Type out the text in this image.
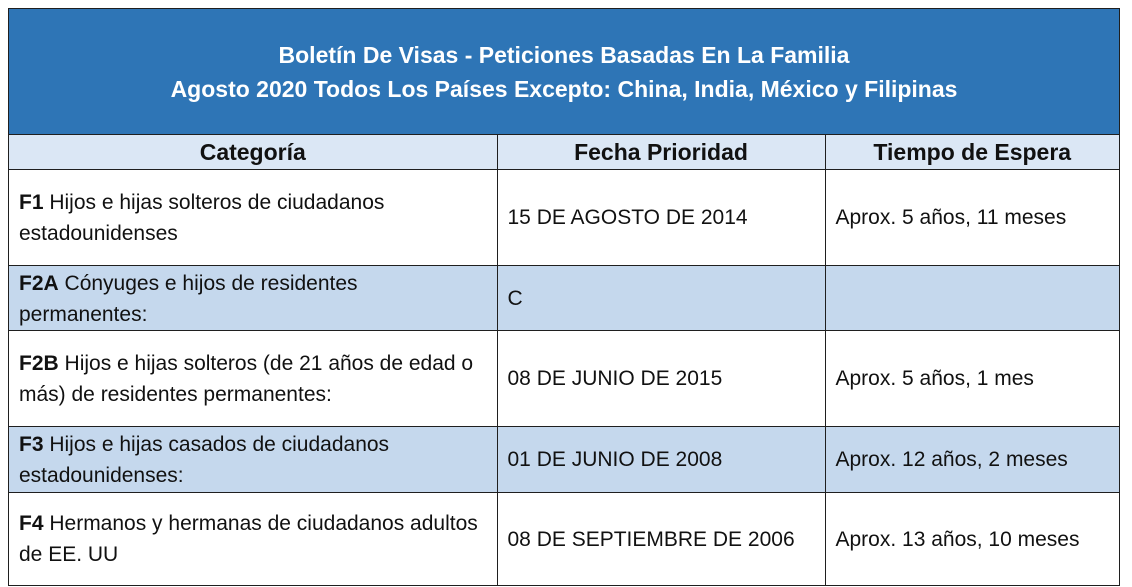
Boletín De Visas - Peticiones Basadas En La Familia
Agosto 2020 Todos Los Países Excepto: China, India, México y Filipinas
Categoría	Fecha Prioridad	Tiempo de Espera
F1 Hijos e hijas solteros de ciudadanos estadounidenses	15 DE AGOSTO DE 2014	Aprox. 5 años, 11 meses
F2A Cónyuges e hijos de residentes permanentes:	C	
F2B Hijos e hijas solteros (de 21 años de edad o más) de residentes permanentes:	08 DE JUNIO DE 2015	Aprox. 5 años, 1 mes
F3 Hijos e hijas casados de ciudadanos estadounidenses:	01 DE JUNIO DE 2008	Aprox. 12 años, 2 meses
F4 Hermanos y hermanas de ciudadanos adultos de EE. UU	08 DE SEPTIEMBRE DE 2006	Aprox. 13 años, 10 meses
